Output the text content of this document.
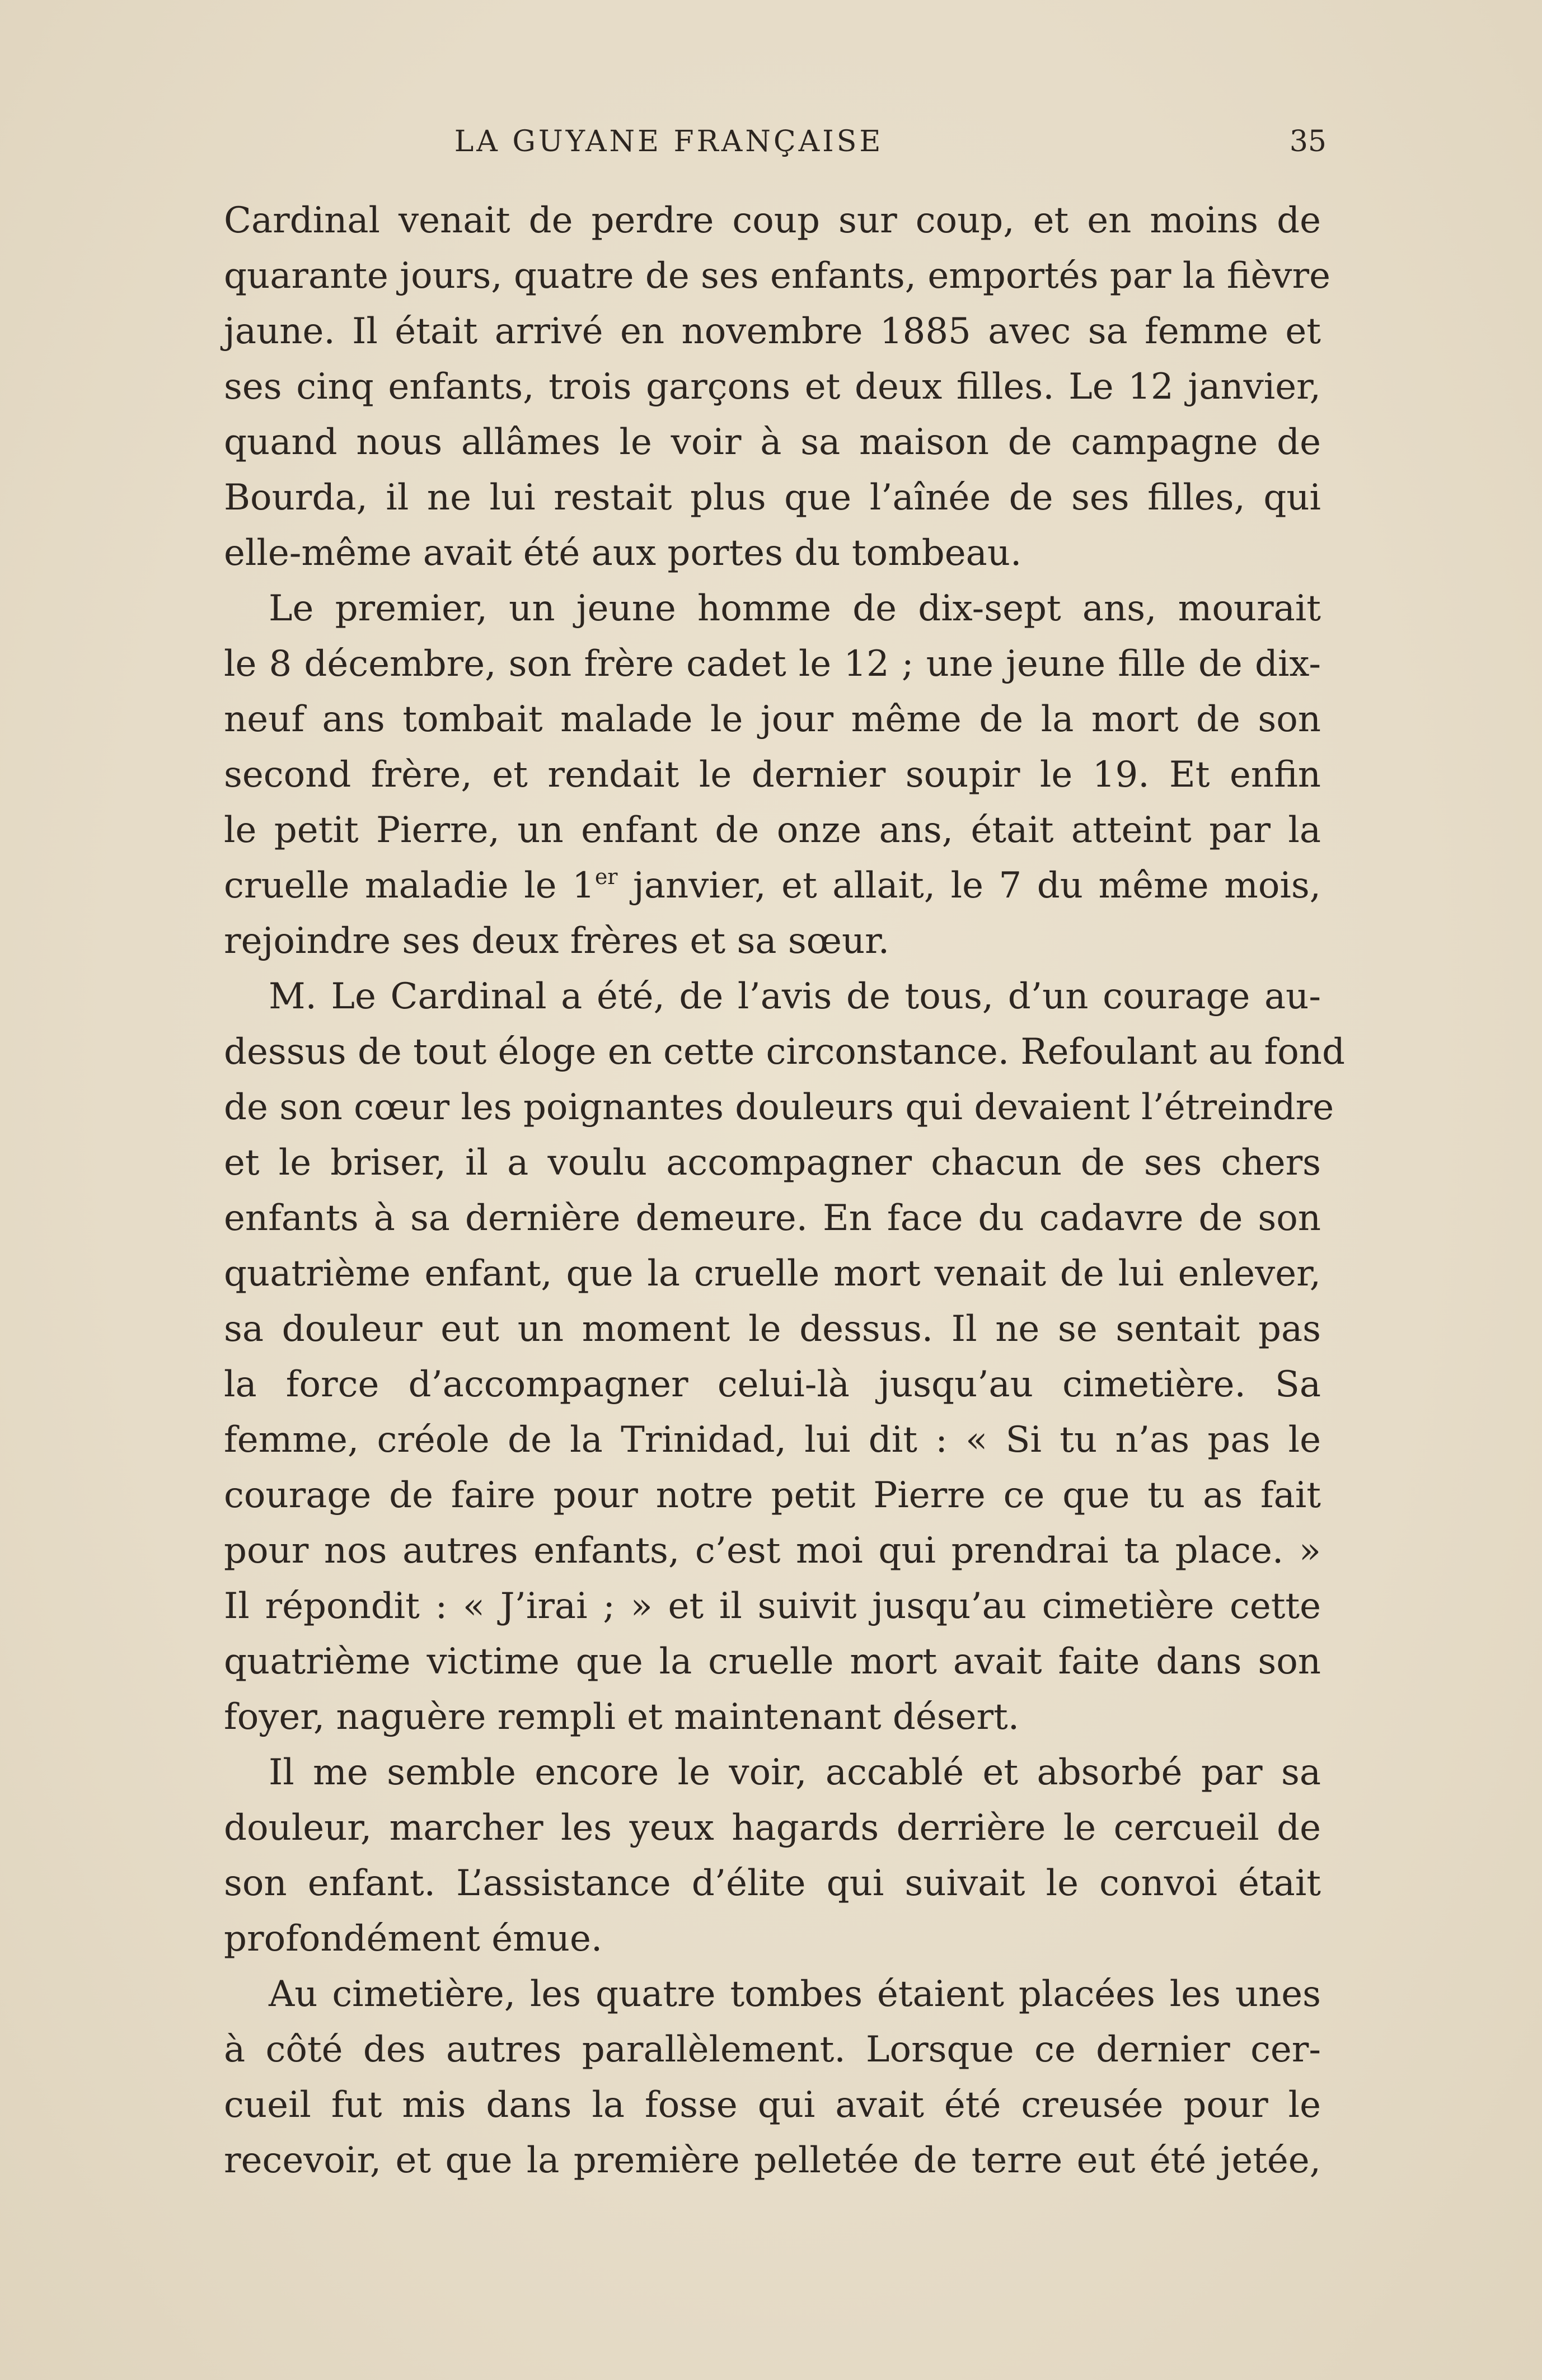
LA GUYANE FRANÇAISE	35
Cardinal venait de perdre coup sur coup, et en moins de
quarante jours, quatre de ses enfants, emportés par la fièvre
jaune. Il était arrivé en novembre 1885 avec sa femme et
ses cinq enfants, trois garçons et deux filles. Le 12 janvier,
quand nous allâmes le voir à sa maison de campagne de
Bourda, il ne lui restait plus que l’aînée de ses filles, qui
elle-même avait été aux portes du tombeau.
Le premier, un jeune homme de dix-sept ans, mourait
le 8 décembre, son frère cadet le 12 ; une jeune fille de dix-
neuf ans tombait malade le jour même de la mort de son
second frère, et rendait le dernier soupir le 19. Et enfin
le petit Pierre, un enfant de onze ans, était atteint par la
cruelle maladie le 1er janvier, et allait, le 7 du même mois,
rejoindre ses deux frères et sa sœur.
M. Le Cardinal a été, de l’avis de tous, d’un courage au-
dessus de tout éloge en cette circonstance. Refoulant au fond
de son cœur les poignantes douleurs qui devaient l’étreindre
et le briser, il a voulu accompagner chacun de ses chers
enfants à sa dernière demeure. En face du cadavre de son
quatrième enfant, que la cruelle mort venait de lui enlever,
sa douleur eut un moment le dessus. Il ne se sentait pas
la force d’accompagner celui-là jusqu’au cimetière. Sa
femme, créole de la Trinidad, lui dit : « Si tu n’as pas le
courage de faire pour notre petit Pierre ce que tu as fait
pour nos autres enfants, c’est moi qui prendrai ta place. »
Il répondit : « J’irai ; » et il suivit jusqu’au cimetière cette
quatrième victime que la cruelle mort avait faite dans son
foyer, naguère rempli et maintenant désert.
Il me semble encore le voir, accablé et absorbé par sa
douleur, marcher les yeux hagards derrière le cercueil de
son enfant. L’assistance d’élite qui suivait le convoi était
profondément émue.
Au cimetière, les quatre tombes étaient placées les unes
à côté des autres parallèlement. Lorsque ce dernier cer-
cueil fut mis dans la fosse qui avait été creusée pour le
recevoir, et que la première pelletée de terre eut été jetée,
